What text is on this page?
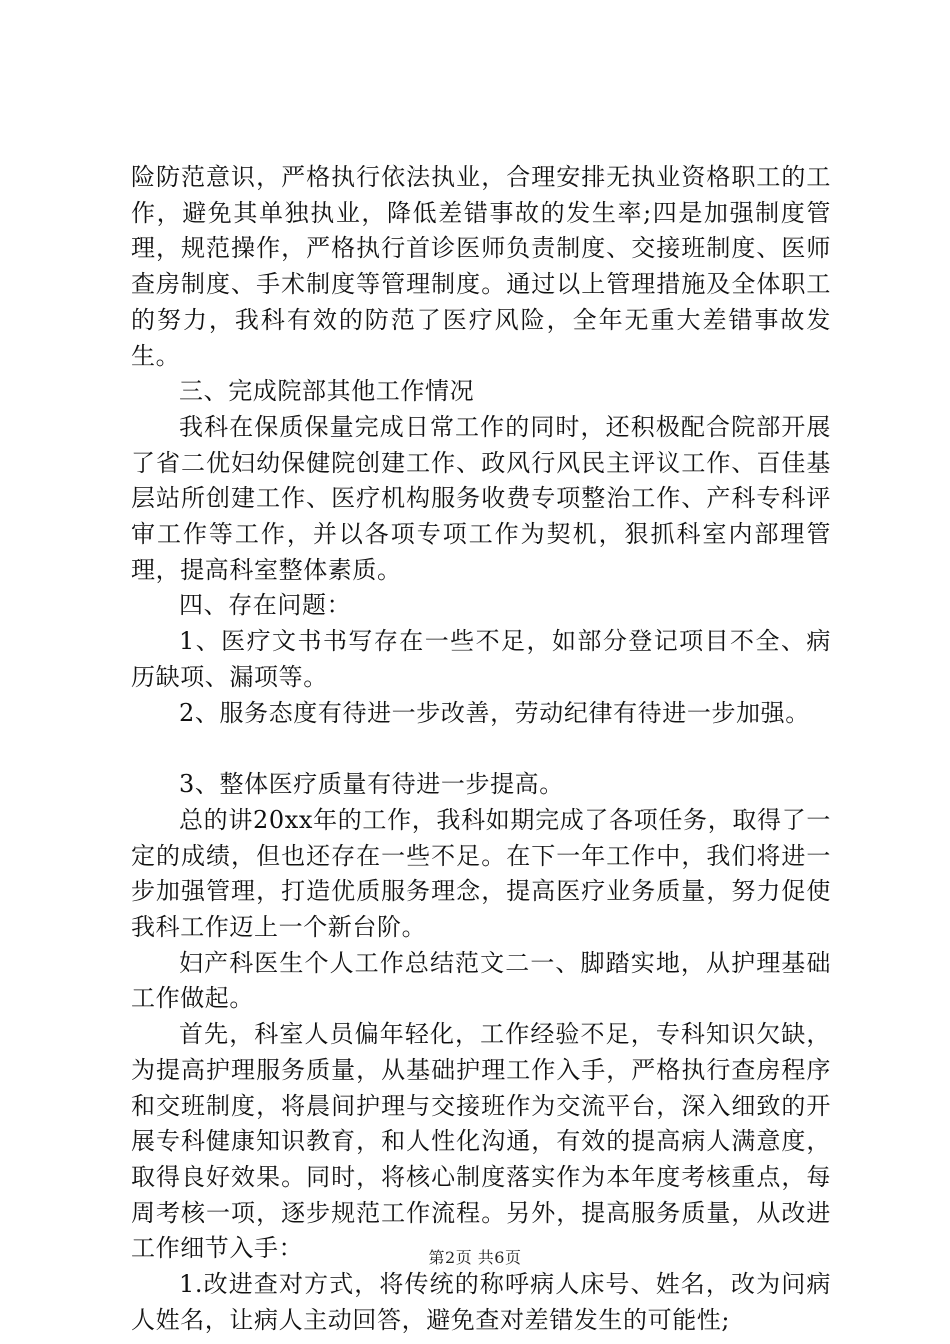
险防范意识，严格执行依法执业，合理安排无执业资格职工的工作，避免其单独执业，降低差错事故的发生率;四是加强制度管理，规范操作，严格执行首诊医师负责制度、交接班制度、医师查房制度、手术制度等管理制度。通过以上管理措施及全体职工的努力，我科有效的防范了医疗风险，全年无重大差错事故发生。

三、完成院部其他工作情况

我科在保质保量完成日常工作的同时，还积极配合院部开展了省二优妇幼保健院创建工作、政风行风民主评议工作、百佳基层站所创建工作、医疗机构服务收费专项整治工作、产科专科评审工作等工作，并以各项专项工作为契机，狠抓科室内部理管理，提高科室整体素质。

四、存在问题：

1、医疗文书书写存在一些不足，如部分登记项目不全、病历缺项、漏项等。

2、服务态度有待进一步改善，劳动纪律有待进一步加强。

3、整体医疗质量有待进一步提高。

总的讲20xx年的工作，我科如期完成了各项任务，取得了一定的成绩，但也还存在一些不足。在下一年工作中，我们将进一步加强管理，打造优质服务理念，提高医疗业务质量，努力促使我科工作迈上一个新台阶。

妇产科医生个人工作总结范文二一、脚踏实地，从护理基础工作做起。

首先，科室人员偏年轻化，工作经验不足，专科知识欠缺，为提高护理服务质量，从基础护理工作入手，严格执行查房程序和交班制度，将晨间护理与交接班作为交流平台，深入细致的开展专科健康知识教育，和人性化沟通，有效的提高病人满意度，取得良好效果。同时，将核心制度落实作为本年度考核重点，每周考核一项，逐步规范工作流程。另外，提高服务质量，从改进工作细节入手：

1.改进查对方式，将传统的称呼病人床号、姓名，改为问病人姓名，让病人主动回答，避免查对差错发生的可能性;

第2页 共6页
